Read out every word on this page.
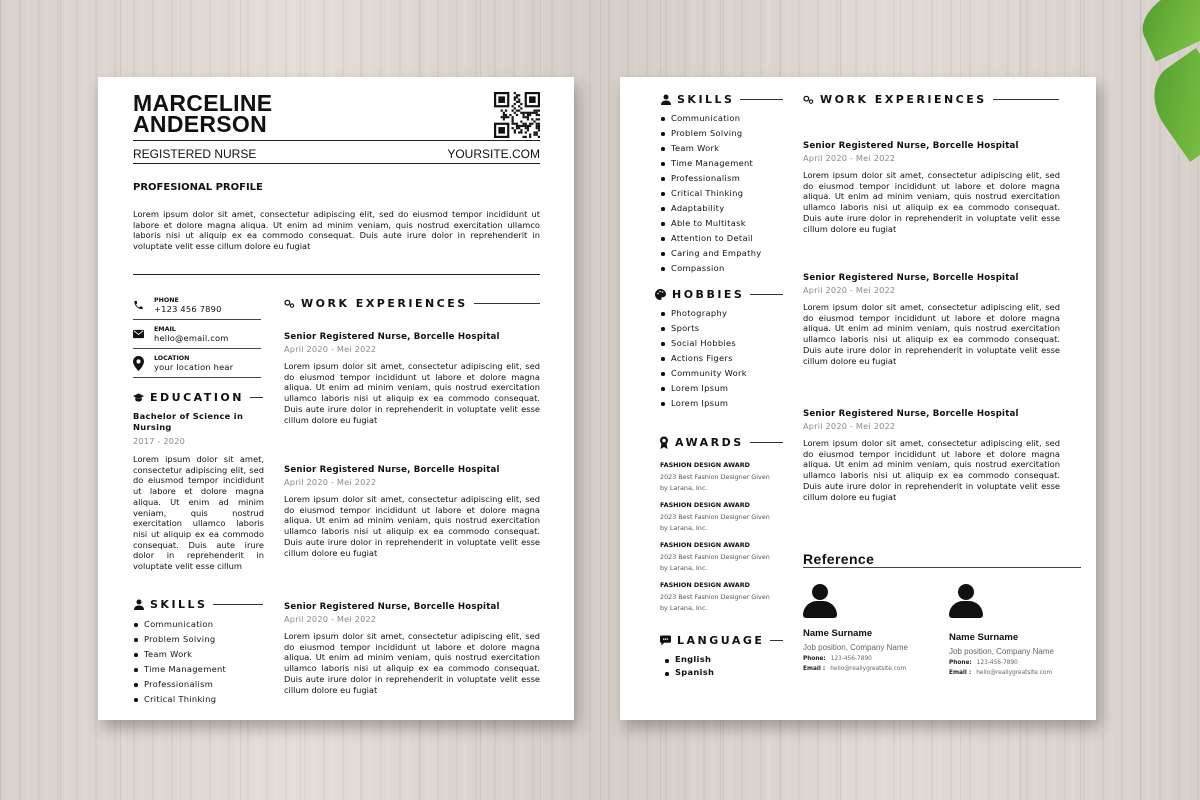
MARCELINE
ANDERSON
REGISTERED NURSE	YOURSITE.COM
PROFESIONAL PROFILE
Lorem ipsum dolor sit amet, consectetur adipiscing elit, sed do eiusmod tempor incididunt ut labore et dolore magna aliqua. Ut enim ad minim veniam, quis nostrud exercitation ullamco laboris nisi ut aliquip ex ea commodo consequat. Duis aute irure dolor in reprehenderit in voluptate velit esse cillum dolore eu fugiat
PHONE
+123 456 7890
EMAIL
hello@email.com
LOCATION
your location hear
EDUCATION
Bachelor of Science in Nursing
2017 - 2020
Lorem ipsum dolor sit amet, consectetur adipiscing elit, sed do eiusmod tempor incididunt ut labore et dolore magna aliqua. Ut enim ad minim veniam, quis nostrud exercitation ullamco laboris nisi ut aliquip ex ea commodo consequat. Duis aute irure dolor in reprehenderit in voluptate velit esse cillum
SKILLS
Communication
Problem Solving
Team Work
Time Management
Professionalism
Critical Thinking
WORK EXPERIENCES
Senior Registered Nurse, Borcelle Hospital
April 2020 - Mei 2022
Lorem ipsum dolor sit amet, consectetur adipiscing elit, sed do eiusmod tempor incididunt ut labore et dolore magna aliqua. Ut enim ad minim veniam, quis nostrud exercitation ullamco laboris nisi ut aliquip ex ea commodo consequat. Duis aute irure dolor in reprehenderit in voluptate velit esse cillum dolore eu fugiat
Senior Registered Nurse, Borcelle Hospital
April 2020 - Mei 2022
Lorem ipsum dolor sit amet, consectetur adipiscing elit, sed do eiusmod tempor incididunt ut labore et dolore magna aliqua. Ut enim ad minim veniam, quis nostrud exercitation ullamco laboris nisi ut aliquip ex ea commodo consequat. Duis aute irure dolor in reprehenderit in voluptate velit esse cillum dolore eu fugiat
Senior Registered Nurse, Borcelle Hospital
April 2020 - Mei 2022
Lorem ipsum dolor sit amet, consectetur adipiscing elit, sed do eiusmod tempor incididunt ut labore et dolore magna aliqua. Ut enim ad minim veniam, quis nostrud exercitation ullamco laboris nisi ut aliquip ex ea commodo consequat. Duis aute irure dolor in reprehenderit in voluptate velit esse cillum dolore eu fugiat
SKILLS
Communication
Problem Solving
Team Work
Time Management
Professionalism
Critical Thinking
Adaptability
Able to Multitask
Attention to Detail
Caring and Empathy
Compassion
HOBBIES
Photography
Sports
Social Hobbies
Actions Figers
Community Work
Lorem Ipsum
Lorem Ipsum
AWARDS
FASHION DESIGN AWARD
2023 Best Fashion Designer Given
by Larana, Inc.
FASHION DESIGN AWARD
2023 Best Fashion Designer Given
by Larana, Inc.
FASHION DESIGN AWARD
2023 Best Fashion Designer Given
by Larana, Inc.
FASHION DESIGN AWARD
2023 Best Fashion Designer Given
by Larana, Inc.
LANGUAGE
English
Spanish
WORK EXPERIENCES
Senior Registered Nurse, Borcelle Hospital
April 2020 - Mei 2022
Lorem ipsum dolor sit amet, consectetur adipiscing elit, sed do eiusmod tempor incididunt ut labore et dolore magna aliqua. Ut enim ad minim veniam, quis nostrud exercitation ullamco laboris nisi ut aliquip ex ea commodo consequat. Duis aute irure dolor in reprehenderit in voluptate velit esse cillum dolore eu fugiat
Senior Registered Nurse, Borcelle Hospital
April 2020 - Mei 2022
Lorem ipsum dolor sit amet, consectetur adipiscing elit, sed do eiusmod tempor incididunt ut labore et dolore magna aliqua. Ut enim ad minim veniam, quis nostrud exercitation ullamco laboris nisi ut aliquip ex ea commodo consequat. Duis aute irure dolor in reprehenderit in voluptate velit esse cillum dolore eu fugiat
Senior Registered Nurse, Borcelle Hospital
April 2020 - Mei 2022
Lorem ipsum dolor sit amet, consectetur adipiscing elit, sed do eiusmod tempor incididunt ut labore et dolore magna aliqua. Ut enim ad minim veniam, quis nostrud exercitation ullamco laboris nisi ut aliquip ex ea commodo consequat. Duis aute irure dolor in reprehenderit in voluptate velit esse cillum dolore eu fugiat
Reference
Name Surname
Job position, Company Name
Phone: 123-456-7890
Email : hello@reallygreatsite.com
Name Surname
Job position, Company Name
Phone: 123-456-7890
Email : hello@reallygreatsite.com
